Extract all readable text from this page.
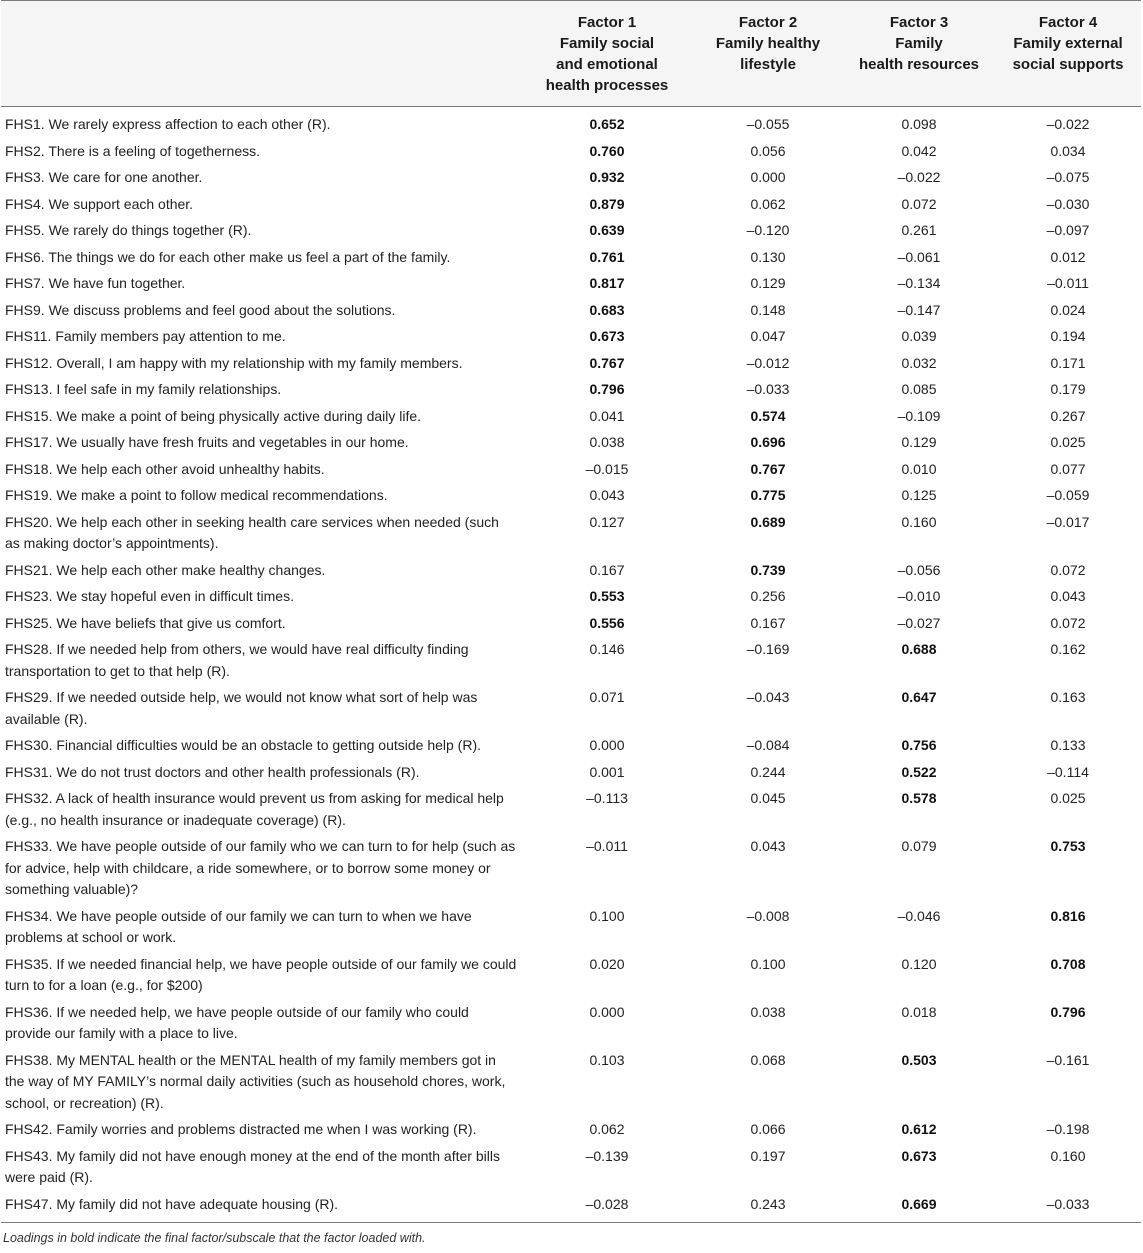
	Factor 1
Family social
and emotional
health processes	Factor 2
Family healthy
lifestyle	Factor 3
Family
health resources	Factor 4
Family external
social supports

FHS1. We rarely express affection to each other (R).	0.652	–0.055	0.098	–0.022
FHS2. There is a feeling of togetherness.	0.760	0.056	0.042	0.034
FHS3. We care for one another.	0.932	0.000	–0.022	–0.075
FHS4. We support each other.	0.879	0.062	0.072	–0.030
FHS5. We rarely do things together (R).	0.639	–0.120	0.261	–0.097
FHS6. The things we do for each other make us feel a part of the family.	0.761	0.130	–0.061	0.012
FHS7. We have fun together.	0.817	0.129	–0.134	–0.011
FHS9. We discuss problems and feel good about the solutions.	0.683	0.148	–0.147	0.024
FHS11. Family members pay attention to me.	0.673	0.047	0.039	0.194
FHS12. Overall, I am happy with my relationship with my family members.	0.767	–0.012	0.032	0.171
FHS13. I feel safe in my family relationships.	0.796	–0.033	0.085	0.179
FHS15. We make a point of being physically active during daily life.	0.041	0.574	–0.109	0.267
FHS17. We usually have fresh fruits and vegetables in our home.	0.038	0.696	0.129	0.025
FHS18. We help each other avoid unhealthy habits.	–0.015	0.767	0.010	0.077
FHS19. We make a point to follow medical recommendations.	0.043	0.775	0.125	–0.059
FHS20. We help each other in seeking health care services when needed (such as making doctor’s appointments).	0.127	0.689	0.160	–0.017
FHS21. We help each other make healthy changes.	0.167	0.739	–0.056	0.072
FHS23. We stay hopeful even in difficult times.	0.553	0.256	–0.010	0.043
FHS25. We have beliefs that give us comfort.	0.556	0.167	–0.027	0.072
FHS28. If we needed help from others, we would have real difficulty finding transportation to get to that help (R).	0.146	–0.169	0.688	0.162
FHS29. If we needed outside help, we would not know what sort of help was available (R).	0.071	–0.043	0.647	0.163
FHS30. Financial difficulties would be an obstacle to getting outside help (R).	0.000	–0.084	0.756	0.133
FHS31. We do not trust doctors and other health professionals (R).	0.001	0.244	0.522	–0.114
FHS32. A lack of health insurance would prevent us from asking for medical help (e.g., no health insurance or inadequate coverage) (R).	–0.113	0.045	0.578	0.025
FHS33. We have people outside of our family who we can turn to for help (such as for advice, help with childcare, a ride somewhere, or to borrow some money or something valuable)?	–0.011	0.043	0.079	0.753
FHS34. We have people outside of our family we can turn to when we have problems at school or work.	0.100	–0.008	–0.046	0.816
FHS35. If we needed financial help, we have people outside of our family we could turn to for a loan (e.g., for $200)	0.020	0.100	0.120	0.708
FHS36. If we needed help, we have people outside of our family who could provide our family with a place to live.	0.000	0.038	0.018	0.796
FHS38. My MENTAL health or the MENTAL health of my family members got in the way of MY FAMILY’s normal daily activities (such as household chores, work, school, or recreation) (R).	0.103	0.068	0.503	–0.161
FHS42. Family worries and problems distracted me when I was working (R).	0.062	0.066	0.612	–0.198
FHS43. My family did not have enough money at the end of the month after bills were paid (R).	–0.139	0.197	0.673	0.160
FHS47. My family did not have adequate housing (R).	–0.028	0.243	0.669	–0.033
Loadings in bold indicate the final factor/subscale that the factor loaded with.
